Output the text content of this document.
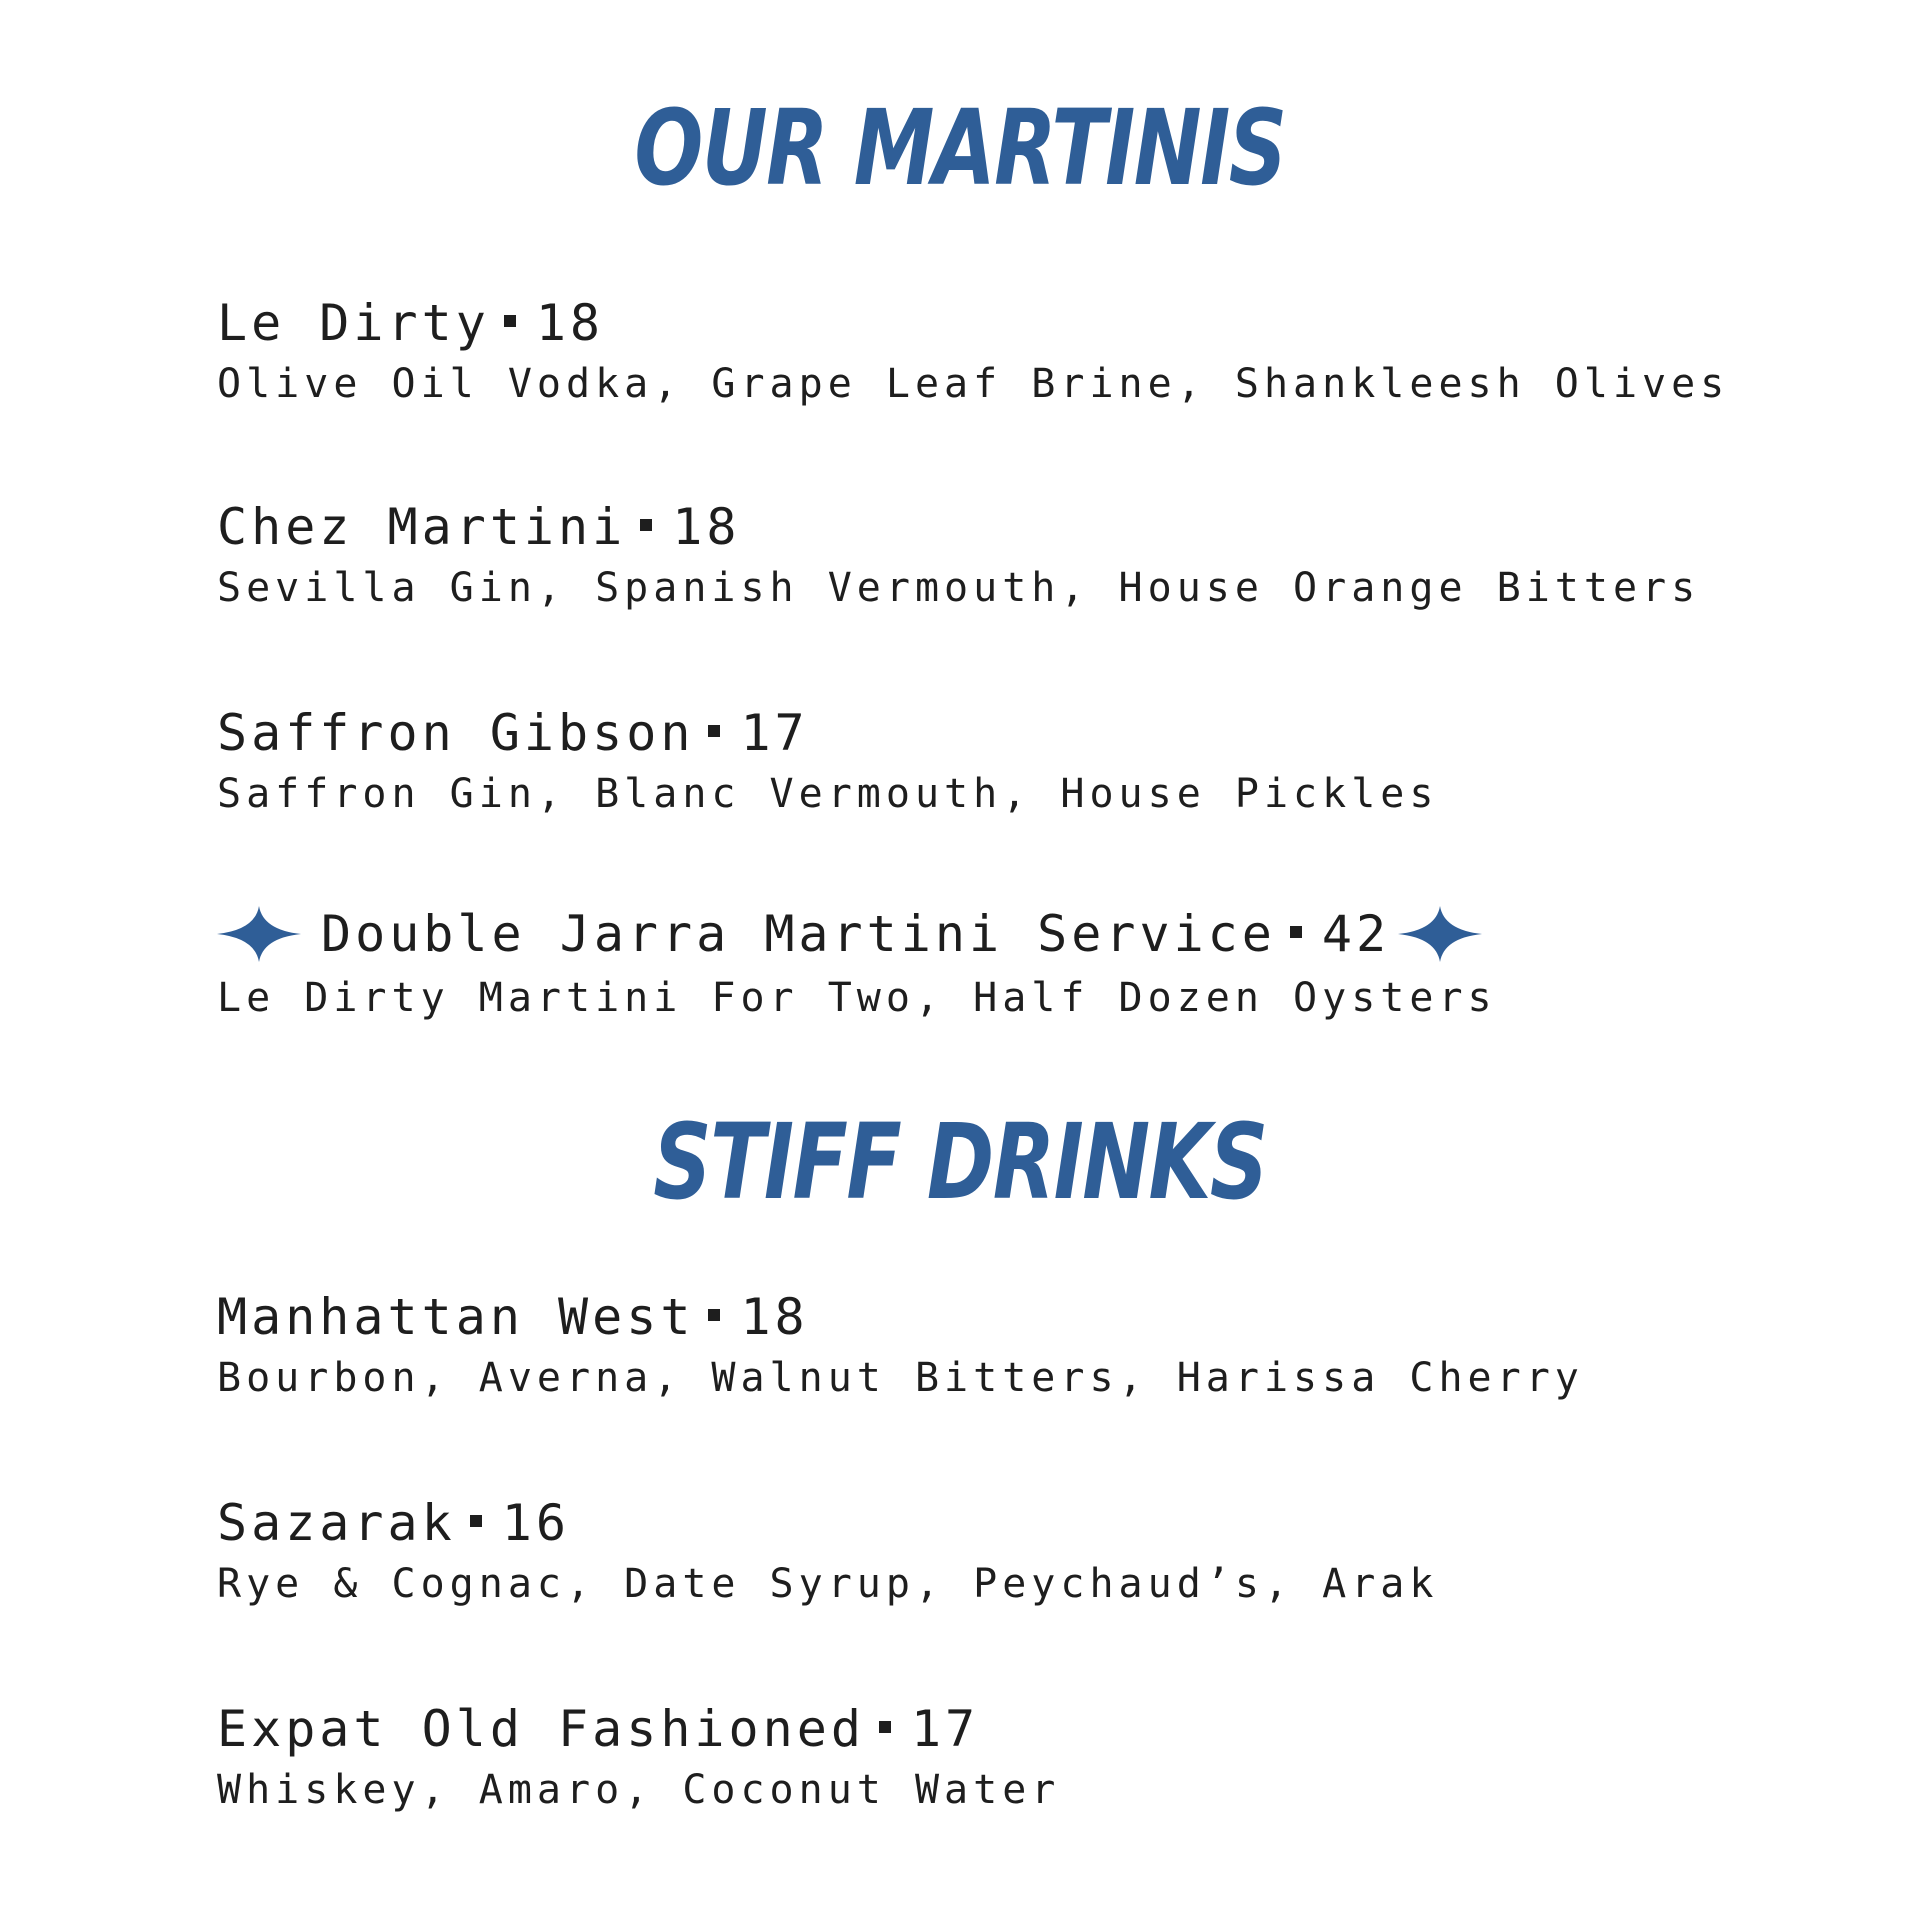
OUR MARTINIS
Le Dirty 18
Olive Oil Vodka, Grape Leaf Brine, Shankleesh Olives
Chez Martini 18
Sevilla Gin, Spanish Vermouth, House Orange Bitters
Saffron Gibson 17
Saffron Gin, Blanc Vermouth, House Pickles
Double Jarra Martini Service 42
Le Dirty Martini For Two, Half Dozen Oysters
STIFF DRINKS
Manhattan West 18
Bourbon, Averna, Walnut Bitters, Harissa Cherry
Sazarak 16
Rye & Cognac, Date Syrup, Peychaud’s, Arak
Expat Old Fashioned 17
Whiskey, Amaro, Coconut Water
